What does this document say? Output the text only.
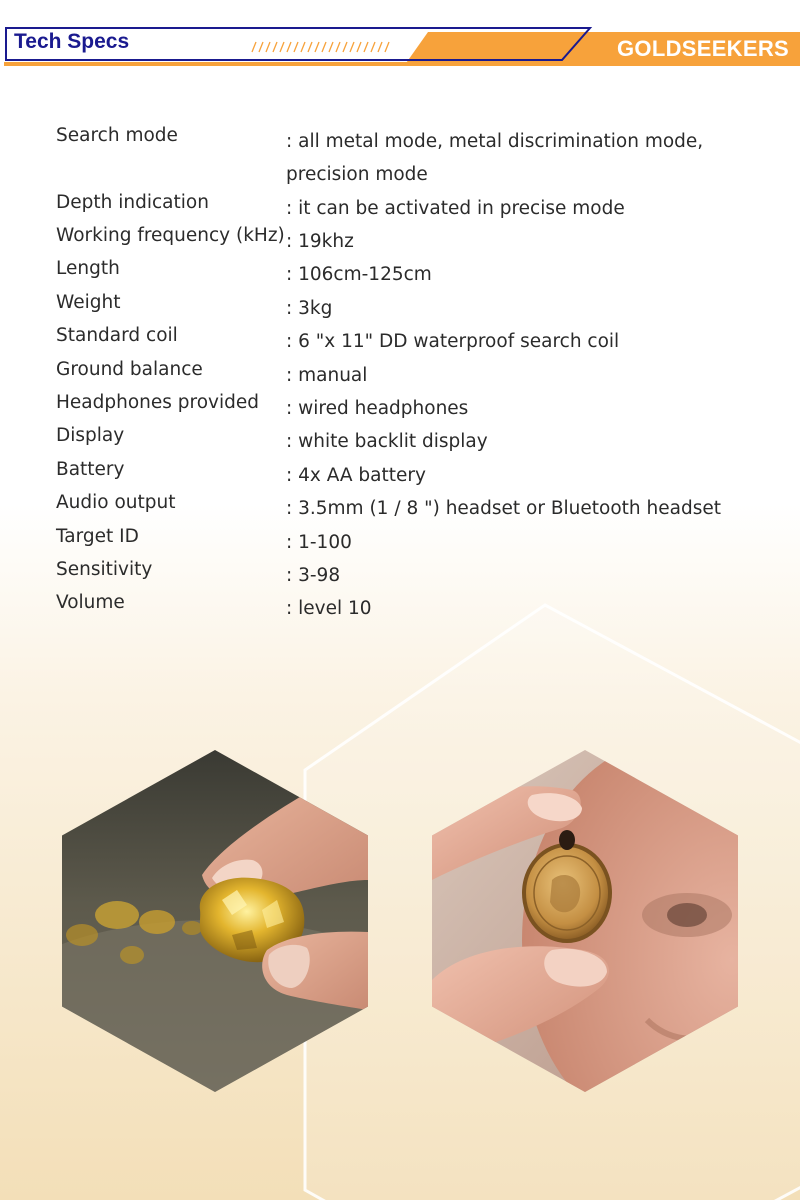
Tech Specs	GOLDSEEKERS
Search mode	: all metal mode, metal discrimination mode, precision mode
Depth indication	: it can be activated in precise mode
Working frequency (kHz) : 19khz
Length	: 106cm-125cm
Weight	: 3kg
Standard coil	: 6 "x 11" DD waterproof search coil
Ground balance	: manual
Headphones provided : wired headphones
Display	: white backlit display
Battery	: 4x AA battery
Audio output	: 3.5mm (1 / 8 ") headset or Bluetooth headset
Target ID	: 1-100
Sensitivity	: 3-98
Volume	: level 10
